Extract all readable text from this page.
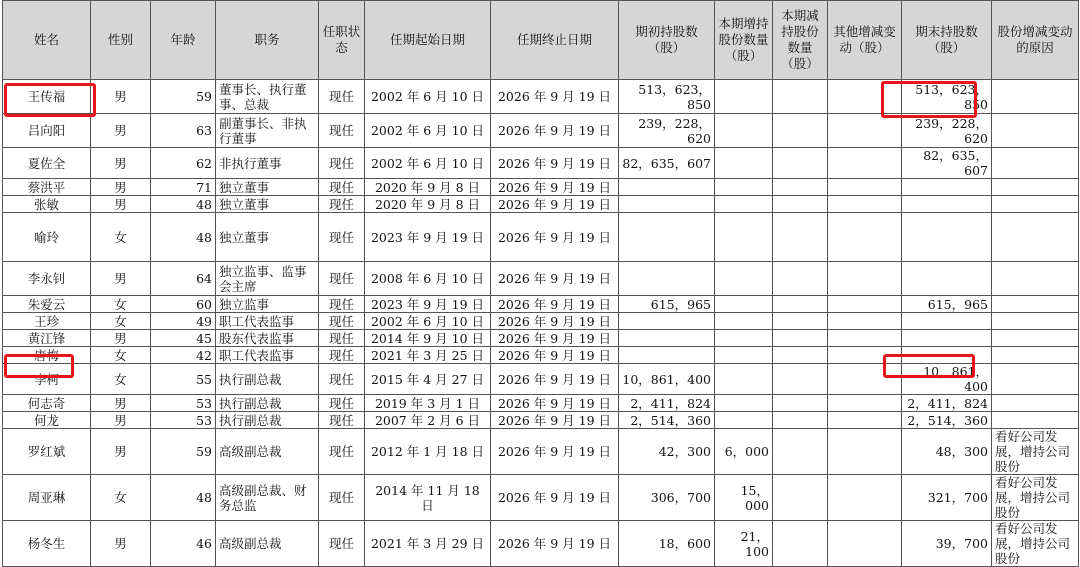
姓名	性别	年龄	职务	任职状态	任期起始日期	任期终止日期	期初持股数（股）	本期增持股份数量（股）	本期减持股份数量（股）	其他增减变动（股）	期末持股数（股）	股份增减变动的原因
王传福	男	59	董事长、执行董事、总裁	现任	2002 年 6 月 10 日	2026 年 9 月 19 日	513，623，850				513，623，850	
吕向阳	男	63	副董事长、非执行董事	现任	2002 年 6 月 10 日	2026 年 9 月 19 日	239，228，620				239，228，620	
夏佐全	男	62	非执行董事	现任	2002 年 6 月 10 日	2026 年 9 月 19 日	82，635，607				82，635，607	
蔡洪平	男	71	独立董事	现任	2020 年 9 月 8 日	2026 年 9 月 19 日						
张敏	男	48	独立董事	现任	2020 年 9 月 8 日	2026 年 9 月 19 日						
喻玲	女	48	独立董事	现任	2023 年 9 月 19 日	2026 年 9 月 19 日						
李永钊	男	64	独立监事、监事会主席	现任	2008 年 6 月 10 日	2026 年 9 月 19 日						
朱爱云	女	60	独立监事	现任	2023 年 9 月 19 日	2026 年 9 月 19 日	615，965				615，965	
王珍	女	49	职工代表监事	现任	2002 年 6 月 10 日	2026 年 9 月 19 日						
黄江锋	男	45	股东代表监事	现任	2014 年 9 月 10 日	2026 年 9 月 19 日						
唐梅	女	42	职工代表监事	现任	2021 年 3 月 25 日	2026 年 9 月 19 日						
李柯	女	55	执行副总裁	现任	2015 年 4 月 27 日	2026 年 9 月 19 日	10，861，400				10，861，400	
何志奇	男	53	执行副总裁	现任	2019 年 3 月 1 日	2026 年 9 月 19 日	2，411，824				2，411，824	
何龙	男	53	执行副总裁	现任	2007 年 2 月 6 日	2026 年 9 月 19 日	2，514，360				2，514，360	
罗红斌	男	59	高级副总裁	现任	2012 年 1 月 18 日	2026 年 9 月 19 日	42，300	6，000			48，300	看好公司发展，增持公司股份
周亚琳	女	48	高级副总裁、财务总监	现任	2014 年 11 月 18 日	2026 年 9 月 19 日	306，700	15，000			321，700	看好公司发展，增持公司股份
杨冬生	男	46	高级副总裁	现任	2021 年 3 月 29 日	2026 年 9 月 19 日	18，600	21，100			39，700	看好公司发展，增持公司股份
